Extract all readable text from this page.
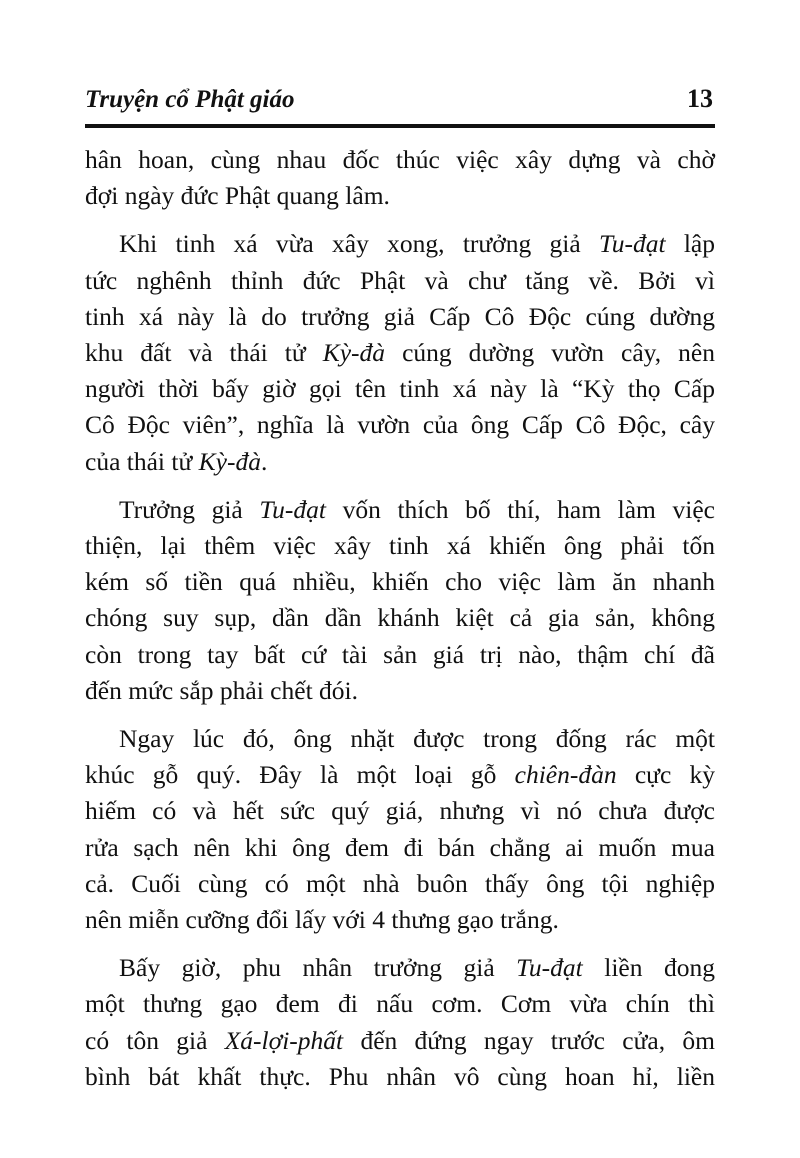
Truyện cổ Phật giáo	13
hân hoan, cùng nhau đốc thúc việc xây dựng và chờ
đợi ngày đức Phật quang lâm.
Khi tinh xá vừa xây xong, trưởng giả Tu-đạt lập
tức nghênh thỉnh đức Phật và chư tăng về. Bởi vì
tinh xá này là do trưởng giả Cấp Cô Độc cúng dường
khu đất và thái tử Kỳ-đà cúng dường vườn cây, nên
người thời bấy giờ gọi tên tinh xá này là “Kỳ thọ Cấp
Cô Độc viên”, nghĩa là vườn của ông Cấp Cô Độc, cây
của thái tử Kỳ-đà.
Trưởng giả Tu-đạt vốn thích bố thí, ham làm việc
thiện, lại thêm việc xây tinh xá khiến ông phải tốn
kém số tiền quá nhiều, khiến cho việc làm ăn nhanh
chóng suy sụp, dần dần khánh kiệt cả gia sản, không
còn trong tay bất cứ tài sản giá trị nào, thậm chí đã
đến mức sắp phải chết đói.
Ngay lúc đó, ông nhặt được trong đống rác một
khúc gỗ quý. Đây là một loại gỗ chiên-đàn cực kỳ
hiếm có và hết sức quý giá, nhưng vì nó chưa được
rửa sạch nên khi ông đem đi bán chẳng ai muốn mua
cả. Cuối cùng có một nhà buôn thấy ông tội nghiệp
nên miễn cưỡng đổi lấy với 4 thưng gạo trắng.
Bấy giờ, phu nhân trưởng giả Tu-đạt liền đong
một thưng gạo đem đi nấu cơm. Cơm vừa chín thì
có tôn giả Xá-lợi-phất đến đứng ngay trước cửa, ôm
bình bát khất thực. Phu nhân vô cùng hoan hỉ, liền
